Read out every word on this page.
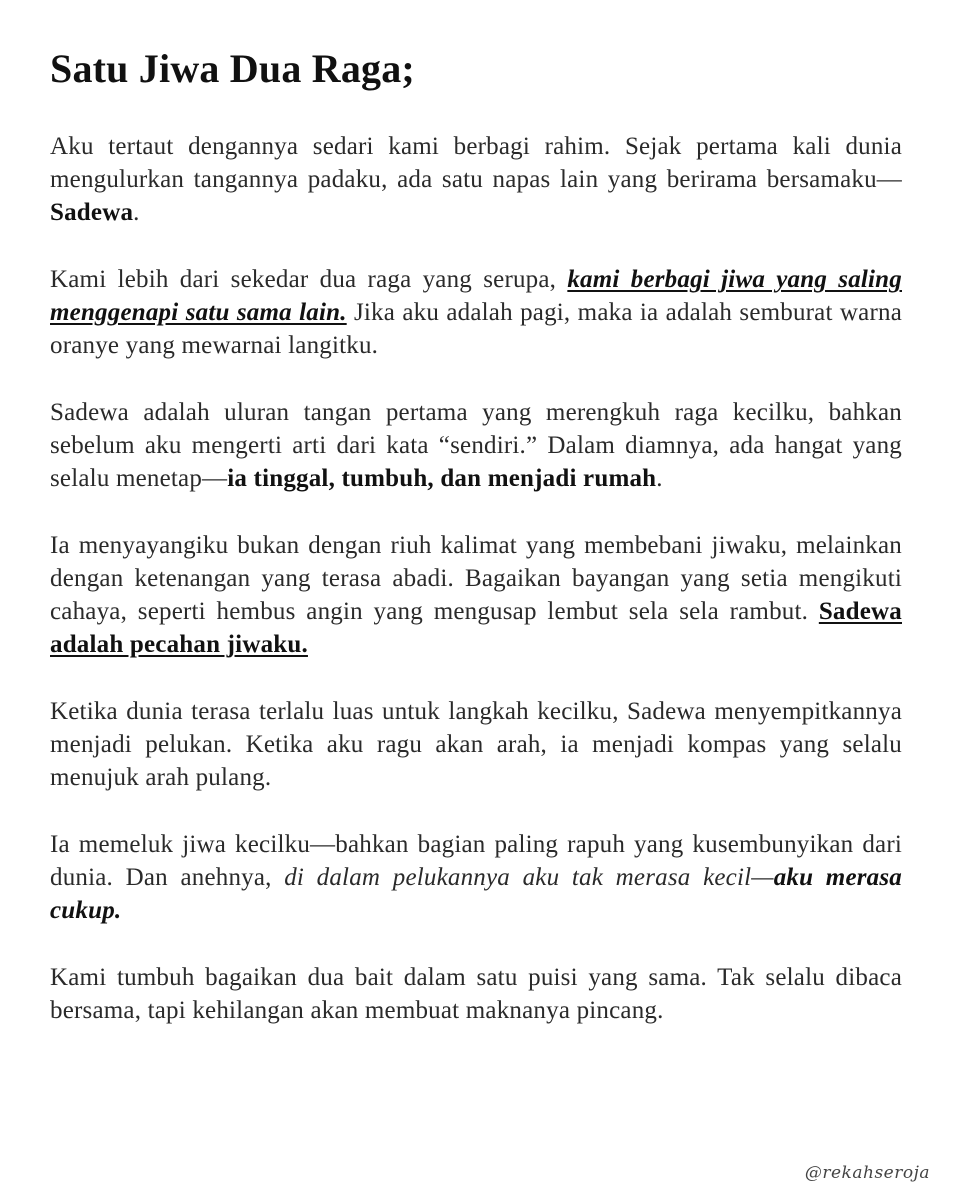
Satu Jiwa Dua Raga;

Aku tertaut dengannya sedari kami berbagi rahim. Sejak pertama kali dunia mengulurkan tangannya padaku, ada satu napas lain yang berirama bersamaku—Sadewa.

Kami lebih dari sekedar dua raga yang serupa, kami berbagi jiwa yang saling menggenapi satu sama lain. Jika aku adalah pagi, maka ia adalah semburat warna oranye yang mewarnai langitku.

Sadewa adalah uluran tangan pertama yang merengkuh raga kecilku, bahkan sebelum aku mengerti arti dari kata “sendiri.” Dalam diamnya, ada hangat yang selalu menetap—ia tinggal, tumbuh, dan menjadi rumah.

Ia menyayangiku bukan dengan riuh kalimat yang membebani jiwaku, melainkan dengan ketenangan yang terasa abadi. Bagaikan bayangan yang setia mengikuti cahaya, seperti hembus angin yang mengusap lembut sela sela rambut. Sadewa adalah pecahan jiwaku.

Ketika dunia terasa terlalu luas untuk langkah kecilku, Sadewa menyempitkannya menjadi pelukan. Ketika aku ragu akan arah, ia menjadi kompas yang selalu menujuk arah pulang.

Ia memeluk jiwa kecilku—bahkan bagian paling rapuh yang kusembunyikan dari dunia. Dan anehnya, di dalam pelukannya aku tak merasa kecil—aku merasa cukup.

Kami tumbuh bagaikan dua bait dalam satu puisi yang sama. Tak selalu dibaca bersama, tapi kehilangan akan membuat maknanya pincang.

@rekahseroja
